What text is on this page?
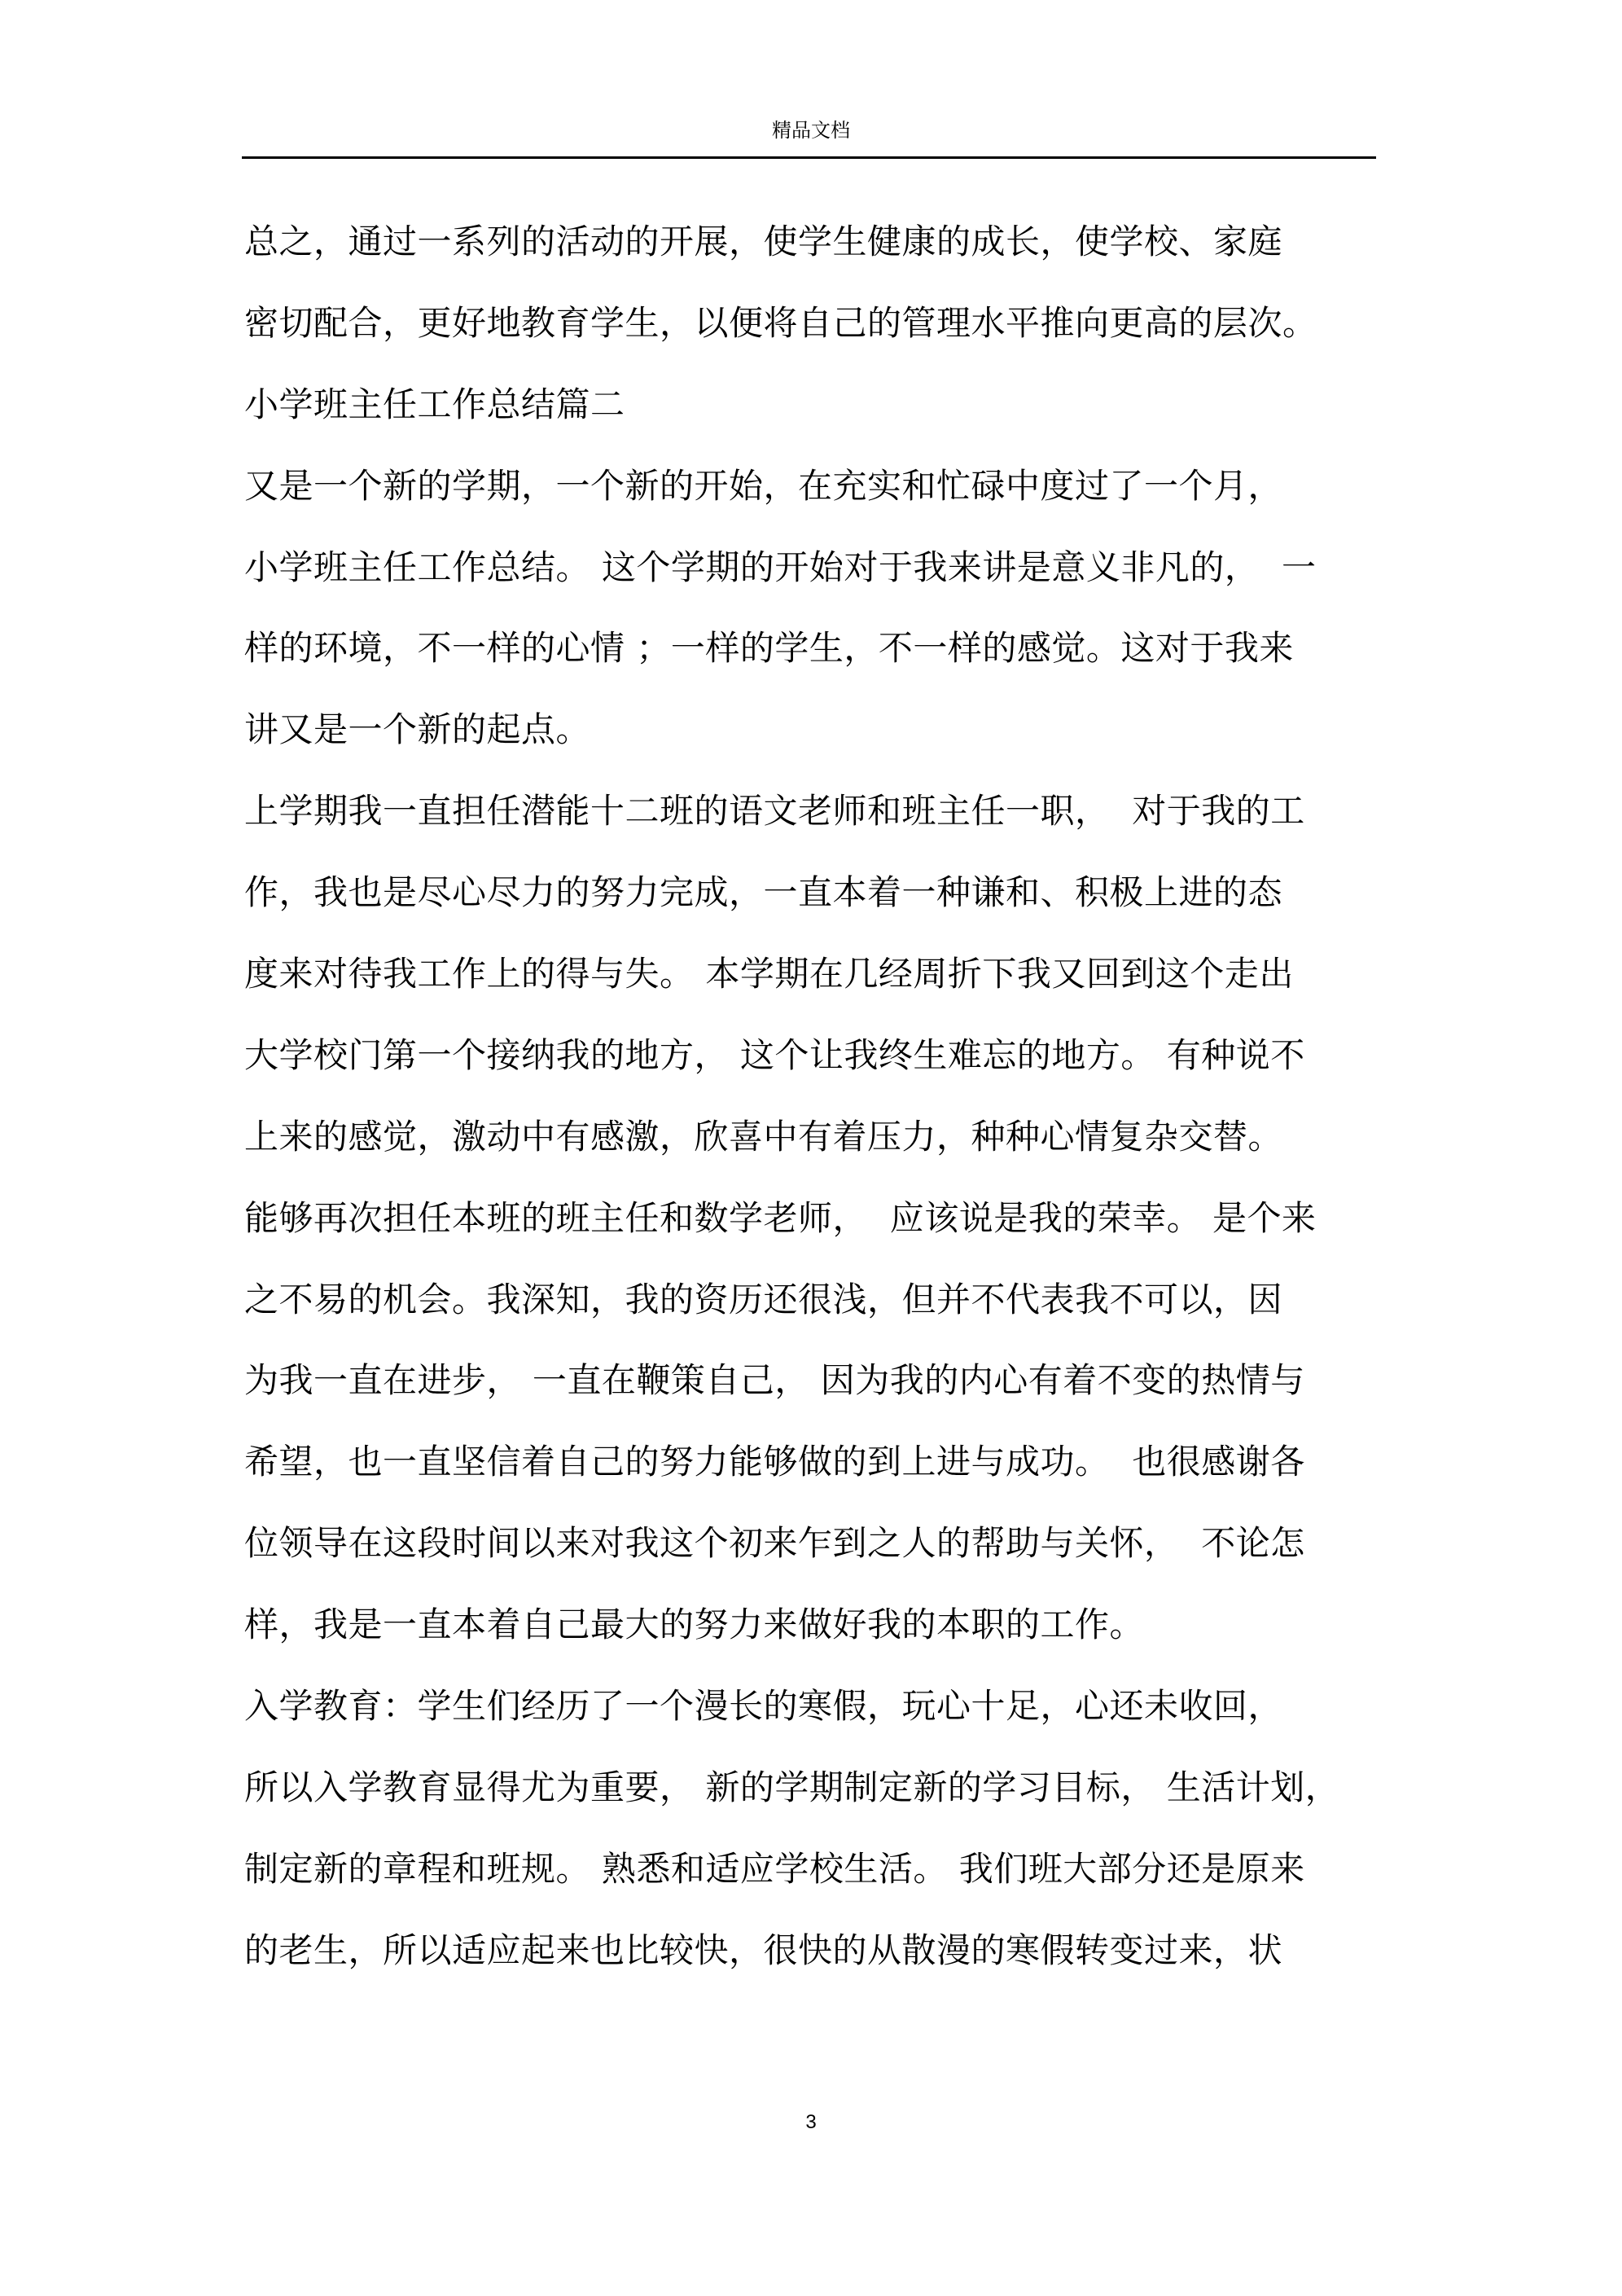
精品文档
总之，通过一系列的活动的开展，使学生健康的成长，使学校、家庭
密切配合，更好地教育学生，以便将自己的管理水平推向更高的层次。
小学班主任工作总结篇二
又是一个新的学期，一个新的开始，在充实和忙碌中度过了一个月，
小学班主任工作总结。 这个学期的开始对于我来讲是意义非凡的，  一
样的环境，不一样的心情 ；一样的学生，不一样的感觉。这对于我来
讲又是一个新的起点。
上学期我一直担任潜能十二班的语文老师和班主任一职，  对于我的工
作，我也是尽心尽力的努力完成，一直本着一种谦和、积极上进的态
度来对待我工作上的得与失。 本学期在几经周折下我又回到这个走出
大学校门第一个接纳我的地方， 这个让我终生难忘的地方。 有种说不
上来的感觉，激动中有感激，欣喜中有着压力，种种心情复杂交替。
能够再次担任本班的班主任和数学老师，  应该说是我的荣幸。 是个来
之不易的机会。我深知，我的资历还很浅，但并不代表我不可以，因
为我一直在进步， 一直在鞭策自己， 因为我的内心有着不变的热情与
希望，也一直坚信着自己的努力能够做的到上进与成功。  也很感谢各
位领导在这段时间以来对我这个初来乍到之人的帮助与关怀，  不论怎
样，我是一直本着自己最大的努力来做好我的本职的工作。
入学教育：学生们经历了一个漫长的寒假，玩心十足，心还未收回，
所以入学教育显得尤为重要， 新的学期制定新的学习目标， 生活计划，
制定新的章程和班规。 熟悉和适应学校生活。 我们班大部分还是原来
的老生，所以适应起来也比较快，很快的从散漫的寒假转变过来，状
3
